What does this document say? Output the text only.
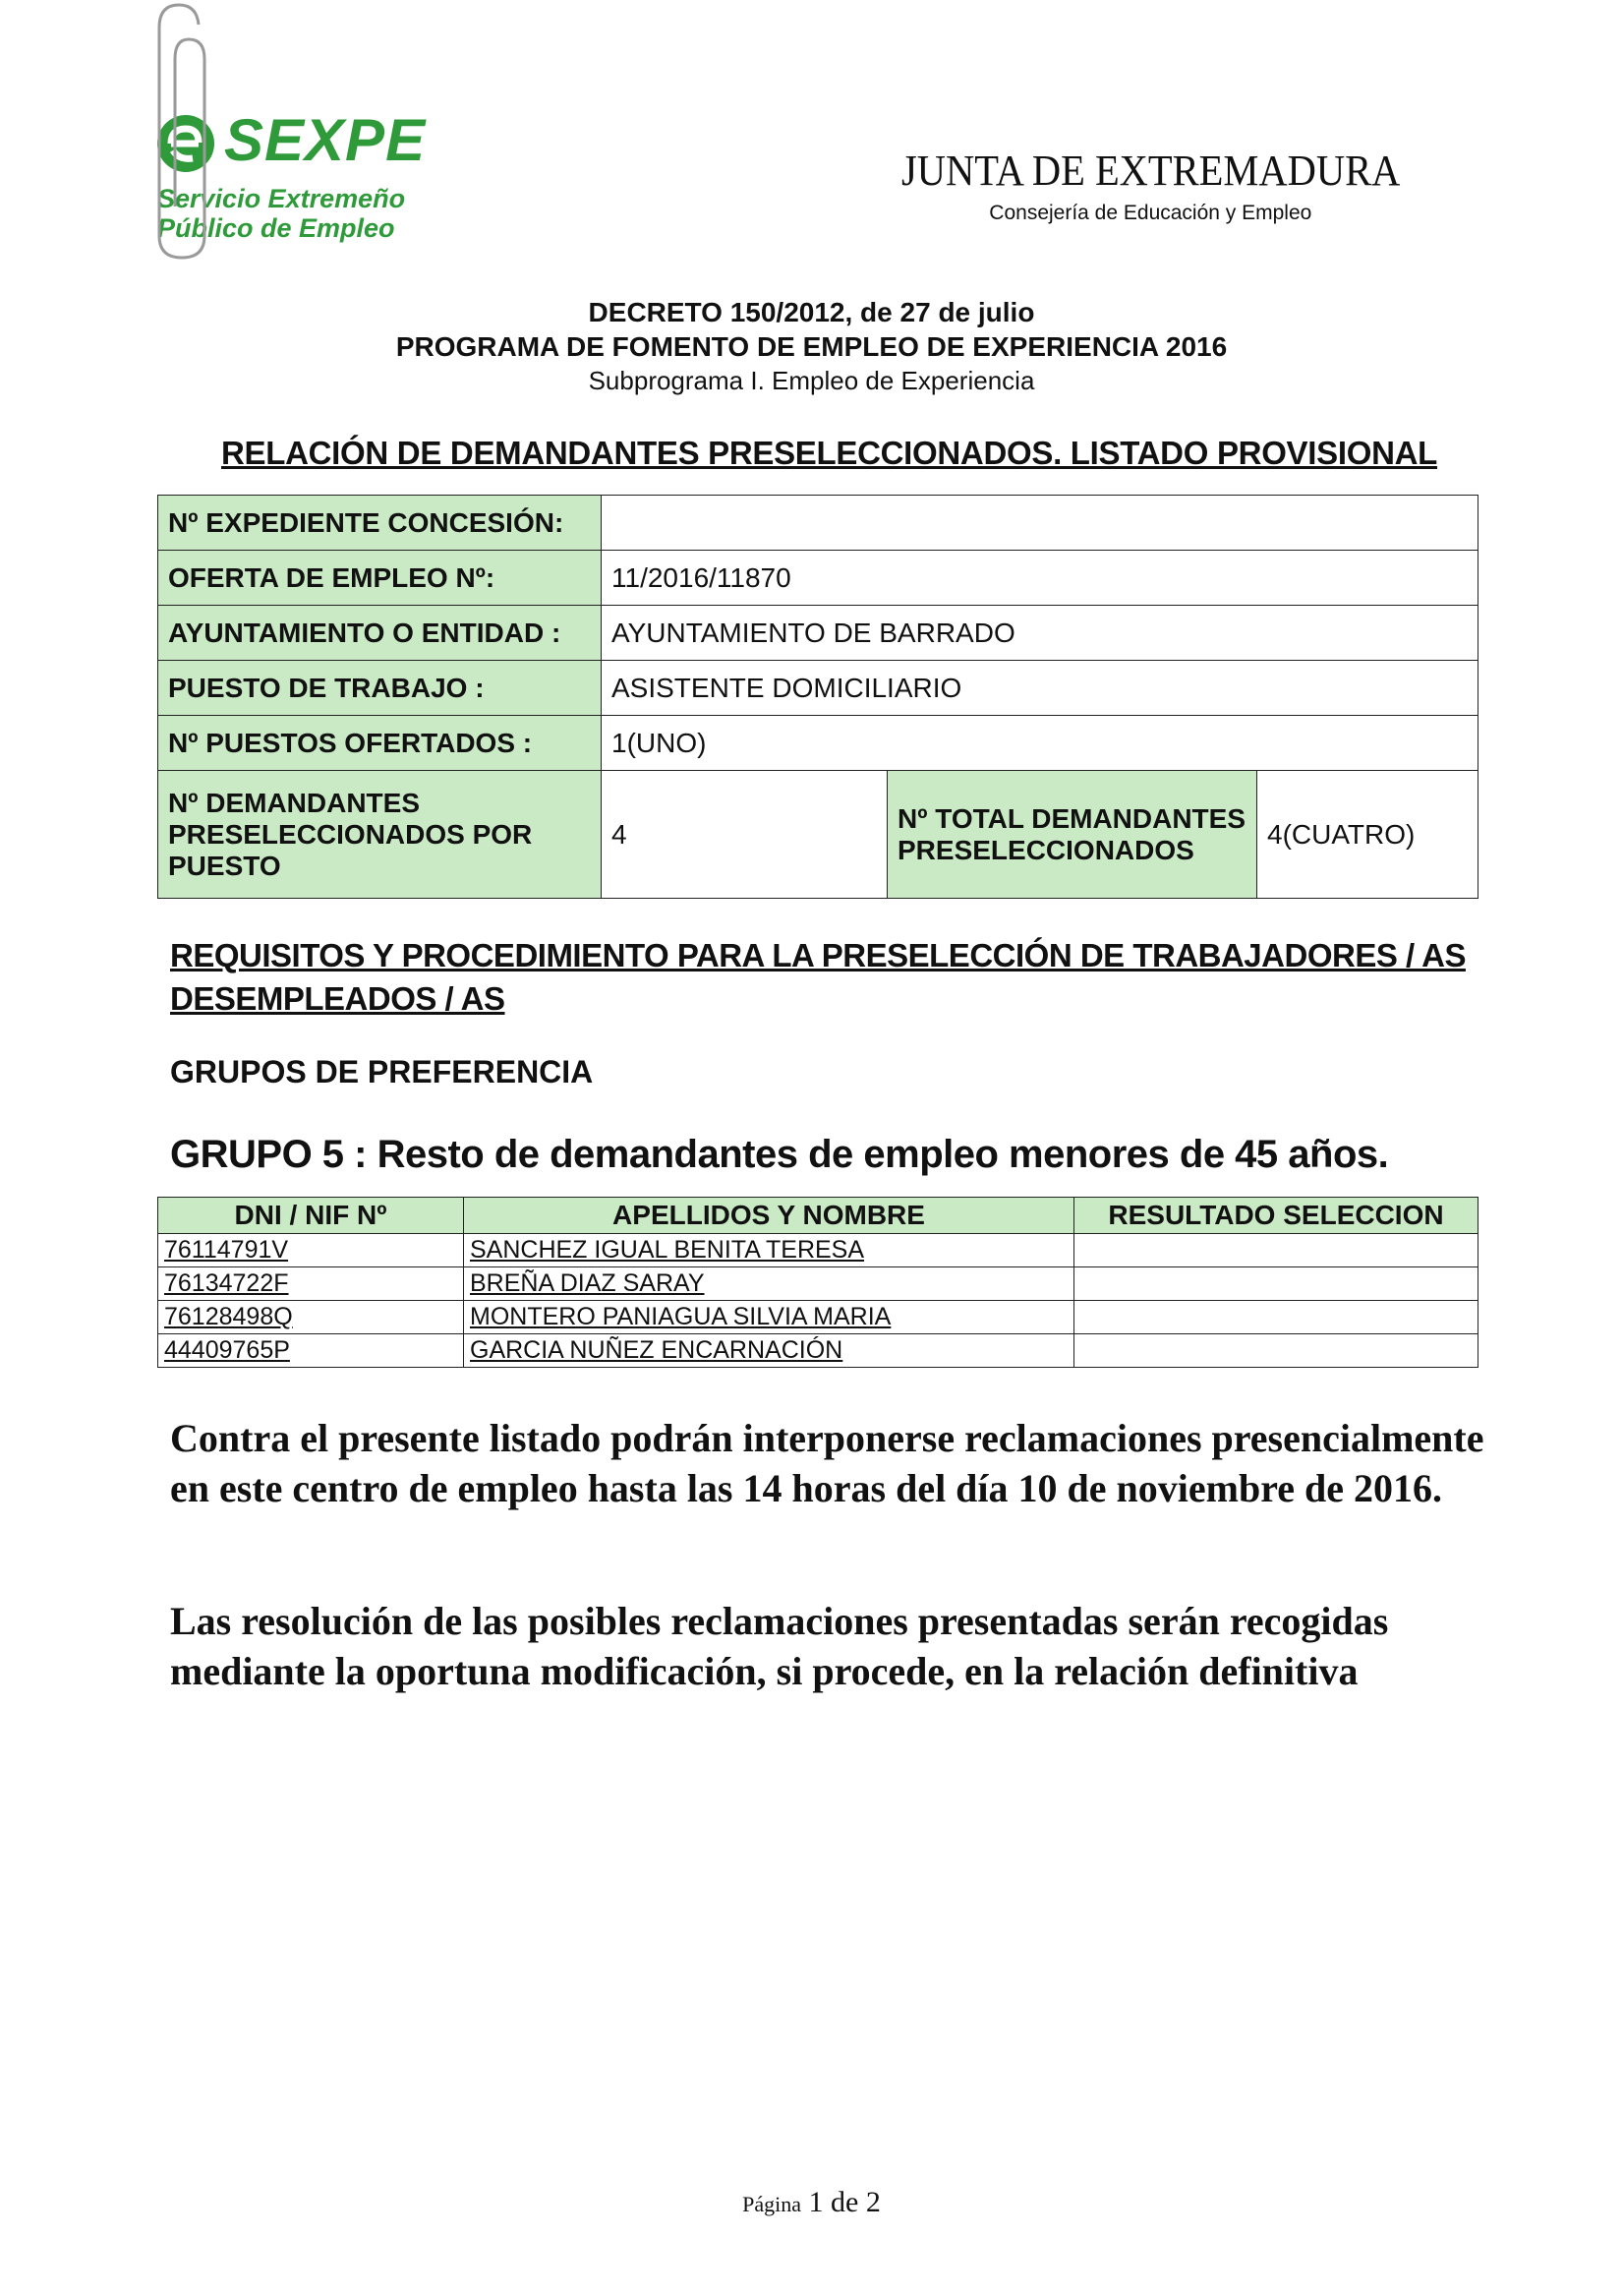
SEXPE
Servicio Extremeño
Público de Empleo
JUNTA DE EXTREMADURA
Consejería de Educación y Empleo
DECRETO 150/2012, de 27 de julio
PROGRAMA DE FOMENTO DE EMPLEO DE EXPERIENCIA 2016
Subprograma I. Empleo de Experiencia
RELACIÓN DE DEMANDANTES PRESELECCIONADOS. LISTADO PROVISIONAL
Nº EXPEDIENTE CONCESIÓN:			
OFERTA DE EMPLEO Nº:	11/2016/11870		
AYUNTAMIENTO O ENTIDAD :	AYUNTAMIENTO DE BARRADO		
PUESTO DE TRABAJO :	ASISTENTE DOMICILIARIO		
Nº PUESTOS OFERTADOS :	1(UNO)		
Nº DEMANDANTES PRESELECCIONADOS POR PUESTO	4	Nº TOTAL DEMANDANTES PRESELECCIONADOS	4(CUATRO)
REQUISITOS Y PROCEDIMIENTO PARA LA PRESELECCIÓN DE TRABAJADORES / AS DESEMPLEADOS / AS
GRUPOS DE PREFERENCIA
GRUPO 5 : Resto de demandantes de empleo menores de 45 años.
DNI / NIF Nº	APELLIDOS Y NOMBRE	RESULTADO SELECCION
76114791V	SANCHEZ IGUAL BENITA TERESA	
76134722F	BREÑA DIAZ SARAY	
76128498Q	MONTERO PANIAGUA SILVIA MARIA	
44409765P	GARCIA NUÑEZ ENCARNACIÓN	
Contra el presente listado podrán interponerse reclamaciones presencialmente en este centro de empleo hasta las 14 horas del día 10 de noviembre de 2016.
Las resolución de las posibles reclamaciones presentadas serán recogidas mediante la oportuna modificación, si procede, en la relación definitiva
Página 1 de 2
